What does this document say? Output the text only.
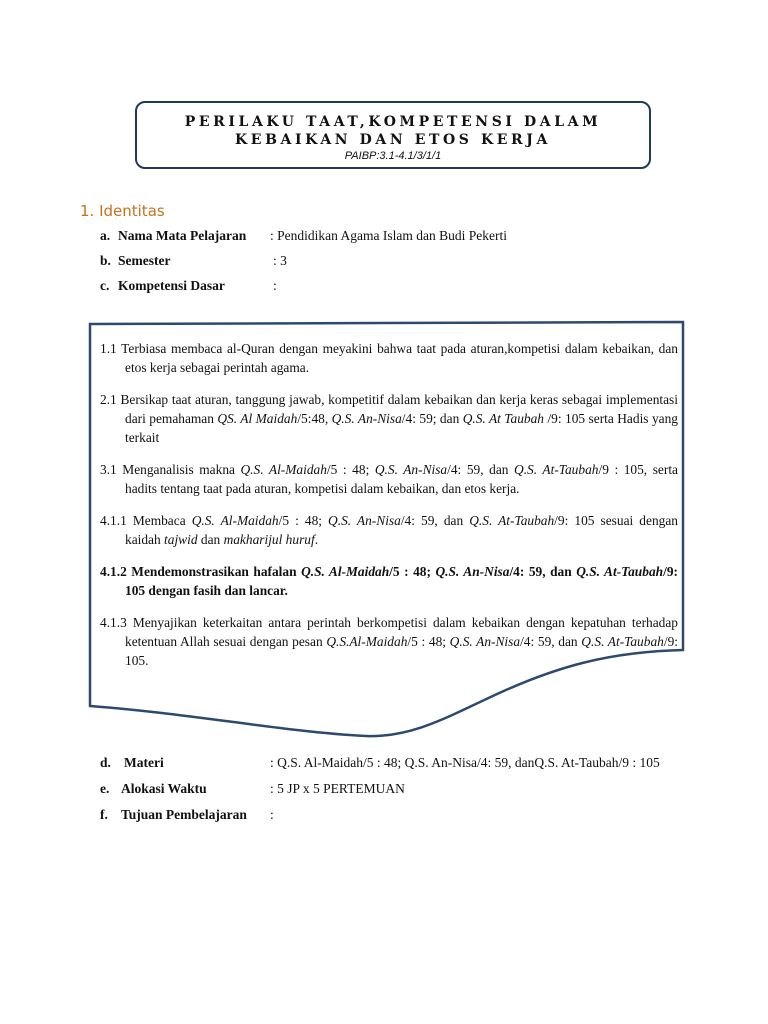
PERILAKU TAAT,KOMPETENSI DALAM
KEBAIKAN DAN ETOS KERJA
PAIBP:3.1-4.1/3/1/1
1. Identitas
a. Nama Mata Pelajaran : Pendidikan Agama Islam dan Budi Pekerti
b. Semester	: 3
c. Kompetensi Dasar	:
1.1 Terbiasa membaca al-Quran dengan meyakini bahwa taat pada aturan,kompetisi dalam kebaikan, dan etos kerja sebagai perintah agama.
2.1 Bersikap taat aturan, tanggung jawab, kompetitif dalam kebaikan dan kerja keras sebagai implementasi dari pemahaman QS. Al Maidah/5:48, Q.S. An-Nisa/4: 59; dan Q.S. At Taubah /9: 105 serta Hadis yang terkait
3.1 Menganalisis makna Q.S. Al-Maidah/5 : 48; Q.S. An-Nisa/4: 59, dan Q.S. At-Taubah/9 : 105, serta hadits tentang taat pada aturan, kompetisi dalam kebaikan, dan etos kerja.
4.1.1 Membaca Q.S. Al-Maidah/5 : 48; Q.S. An-Nisa/4: 59, dan Q.S. At-Taubah/9: 105 sesuai dengan kaidah tajwid dan makharijul huruf.
4.1.2 Mendemonstrasikan hafalan Q.S. Al-Maidah/5 : 48; Q.S. An-Nisa/4: 59, dan Q.S. At-Taubah/9: 105 dengan fasih dan lancar.
4.1.3 Menyajikan keterkaitan antara perintah berkompetisi dalam kebaikan dengan kepatuhan terhadap ketentuan Allah sesuai dengan pesan Q.S.Al-Maidah/5 : 48; Q.S. An-Nisa/4: 59, dan Q.S. At-Taubah/9: 105.
d. Materi	: Q.S. Al-Maidah/5 : 48; Q.S. An-Nisa/4: 59, danQ.S. At-Taubah/9 : 105
e. Alokasi Waktu	: 5 JP x 5 PERTEMUAN
f. Tujuan Pembelajaran :
